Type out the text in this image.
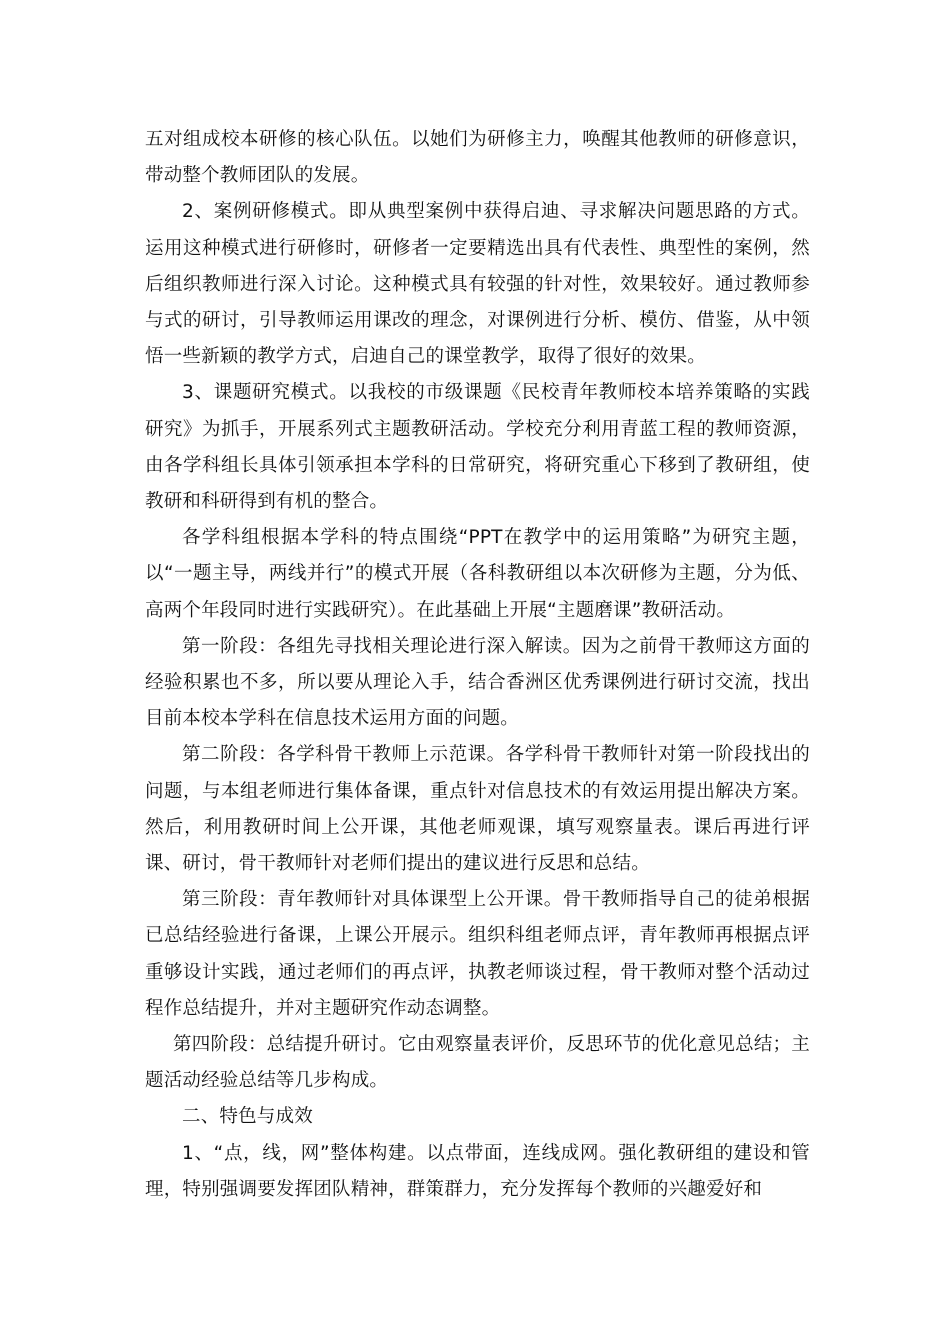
五对组成校本研修的核心队伍。以她们为研修主力，唤醒其他教师的研修意识，带动整个教师团队的发展。

2、案例研修模式。即从典型案例中获得启迪、寻求解决问题思路的方式。运用这种模式进行研修时，研修者一定要精选出具有代表性、典型性的案例，然后组织教师进行深入讨论。这种模式具有较强的针对性，效果较好。通过教师参与式的研讨，引导教师运用课改的理念，对课例进行分析、模仿、借鉴，从中领悟一些新颖的教学方式，启迪自己的课堂教学，取得了很好的效果。

3、课题研究模式。以我校的市级课题《民校青年教师校本培养策略的实践研究》为抓手，开展系列式主题教研活动。学校充分利用青蓝工程的教师资源，由各学科组长具体引领承担本学科的日常研究，将研究重心下移到了教研组，使教研和科研得到有机的整合。

各学科组根据本学科的特点围绕“PPT在教学中的运用策略”为研究主题，以“一题主导，两线并行”的模式开展（各科教研组以本次研修为主题，分为低、高两个年段同时进行实践研究）。在此基础上开展“主题磨课”教研活动。

第一阶段：各组先寻找相关理论进行深入解读。因为之前骨干教师这方面的经验积累也不多，所以要从理论入手，结合香洲区优秀课例进行研讨交流，找出目前本校本学科在信息技术运用方面的问题。

第二阶段：各学科骨干教师上示范课。各学科骨干教师针对第一阶段找出的问题，与本组老师进行集体备课，重点针对信息技术的有效运用提出解决方案。然后，利用教研时间上公开课，其他老师观课，填写观察量表。课后再进行评课、研讨，骨干教师针对老师们提出的建议进行反思和总结。

第三阶段：青年教师针对具体课型上公开课。骨干教师指导自己的徒弟根据已总结经验进行备课，上课公开展示。组织科组老师点评，青年教师再根据点评重够设计实践，通过老师们的再点评，执教老师谈过程，骨干教师对整个活动过程作总结提升，并对主题研究作动态调整。

第四阶段：总结提升研讨。它由观察量表评价，反思环节的优化意见总结；主题活动经验总结等几步构成。

二、特色与成效

1、“点，线，网”整体构建。以点带面，连线成网。强化教研组的建设和管理，特别强调要发挥团队精神，群策群力，充分发挥每个教师的兴趣爱好和
